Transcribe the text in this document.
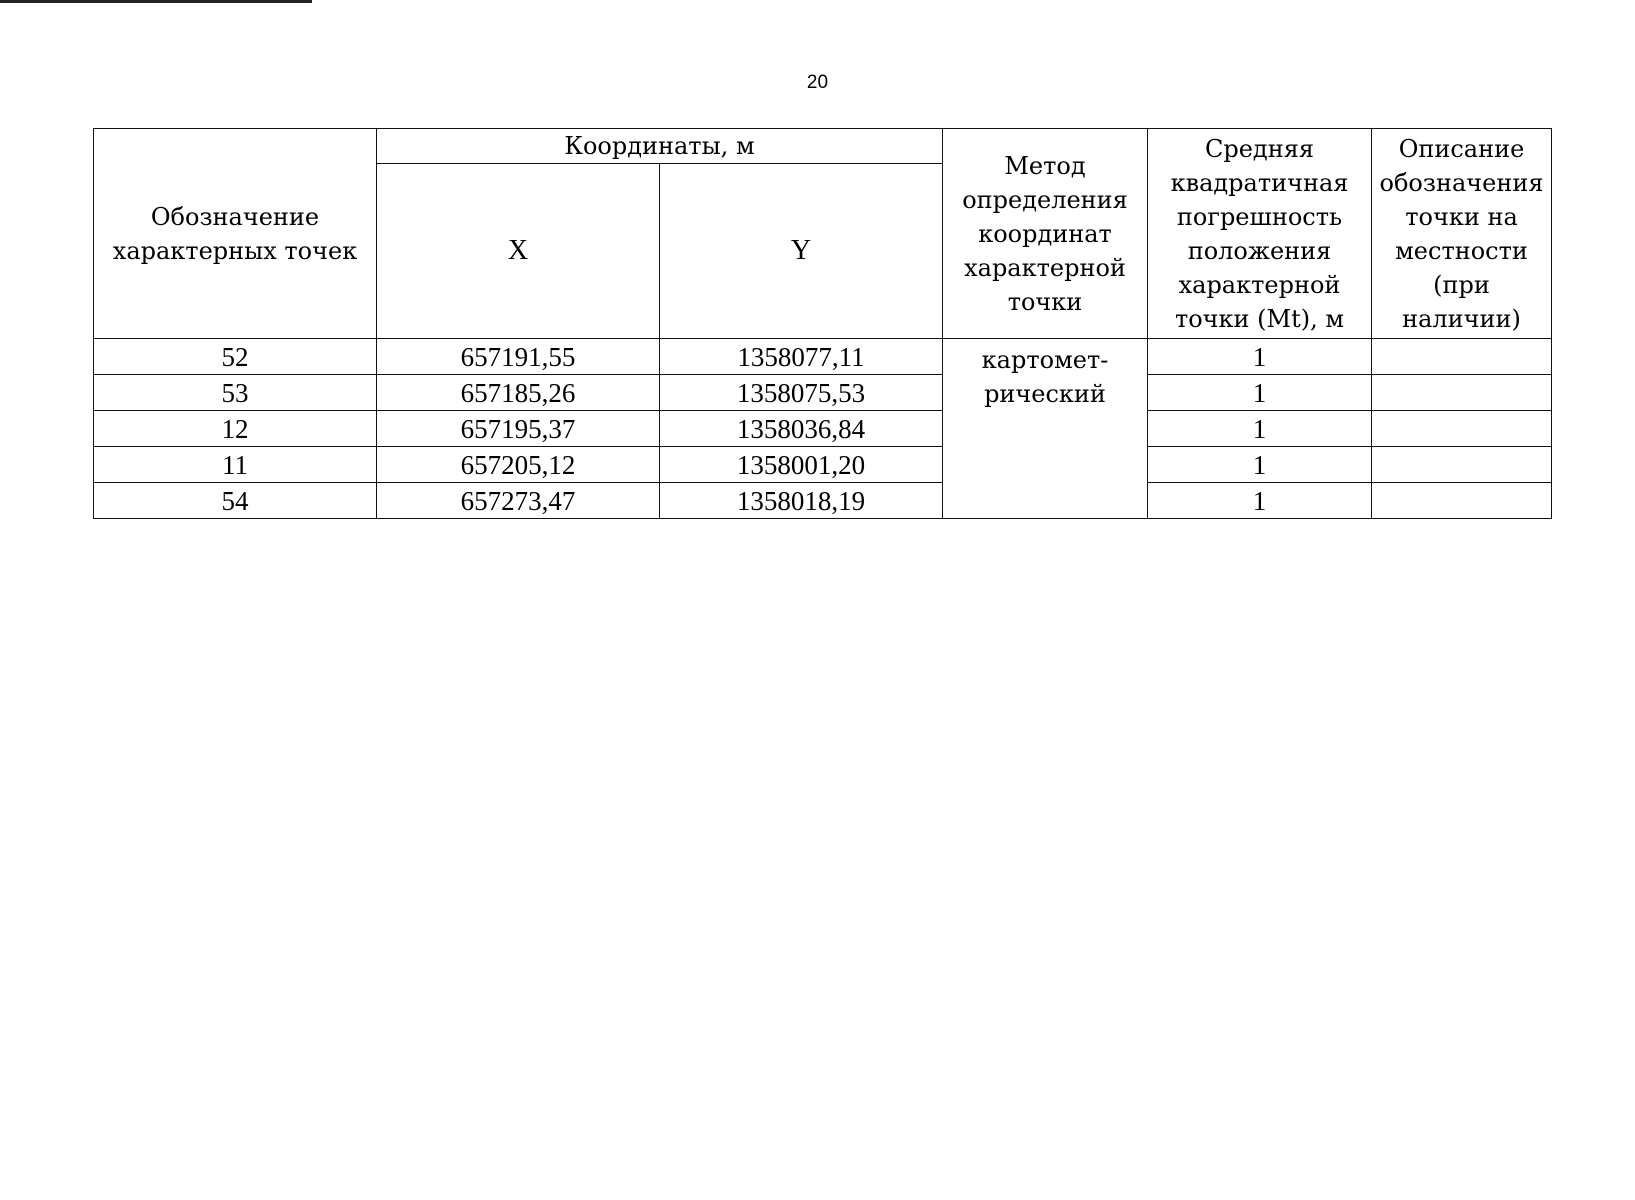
20
Обозначение характерных точек	Координаты, м		Метод определения координат характерной точки	Средняя квадратичная погрешность положения характерной точки (Mt), м	Описание обозначения точки на местности (при наличии)
	X	Y			
52	657191,55	1358077,11	картомет-рический	1	
53	657185,26	1358075,53		1	
12	657195,37	1358036,84		1	
11	657205,12	1358001,20		1	
54	657273,47	1358018,19		1	
